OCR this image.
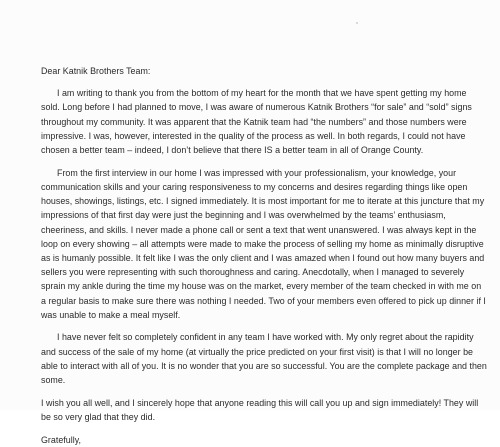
Dear Katnik Brothers Team:

I am writing to thank you from the bottom of my heart for the month that we have spent getting my home sold. Long before I had planned to move, I was aware of numerous Katnik Brothers “for sale” and “sold” signs throughout my community. It was apparent that the Katnik team had “the numbers” and those numbers were impressive. I was, however, interested in the quality of the process as well. In both regards, I could not have chosen a better team – indeed, I don’t believe that there IS a better team in all of Orange County.

From the first interview in our home I was impressed with your professionalism, your knowledge, your communication skills and your caring responsiveness to my concerns and desires regarding things like open houses, showings, listings, etc. I signed immediately. It is most important for me to iterate at this juncture that my impressions of that first day were just the beginning and I was overwhelmed by the teams’ enthusiasm, cheeriness, and skills. I never made a phone call or sent a text that went unanswered. I was always kept in the loop on every showing – all attempts were made to make the process of selling my home as minimally disruptive as is humanly possible. It felt like I was the only client and I was amazed when I found out how many buyers and sellers you were representing with such thoroughness and caring. Anecdotally, when I managed to severely sprain my ankle during the time my house was on the market, every member of the team checked in with me on a regular basis to make sure there was nothing I needed. Two of your members even offered to pick up dinner if I was unable to make a meal myself.

I have never felt so completely confident in any team I have worked with. My only regret about the rapidity and success of the sale of my home (at virtually the price predicted on your first visit) is that I will no longer be able to interact with all of you. It is no wonder that you are so successful. You are the complete package and then some.

I wish you all well, and I sincerely hope that anyone reading this will call you up and sign immediately! They will be so very glad that they did.

Gratefully,
